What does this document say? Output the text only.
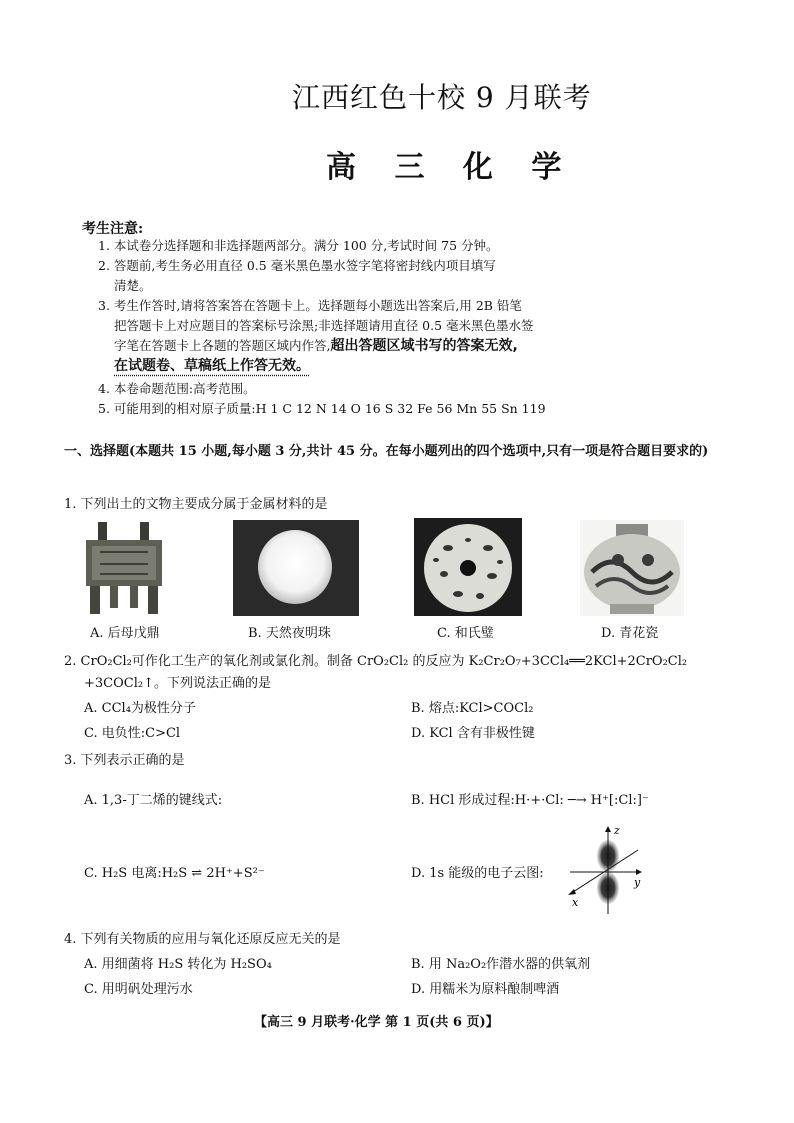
江西红色十校 9 月联考
高 三 化 学
考生注意:
1. 本试卷分选择题和非选择题两部分。满分 100 分,考试时间 75 分钟。
2. 答题前,考生务必用直径 0.5 毫米黑色墨水签字笔将密封线内项目填写
清楚。
3. 考生作答时,请将答案答在答题卡上。选择题每小题选出答案后,用 2B 铅笔
把答题卡上对应题目的答案标号涂黑;非选择题请用直径 0.5 毫米黑色墨水签
字笔在答题卡上各题的答题区域内作答,超出答题区域书写的答案无效,
在试题卷、草稿纸上作答无效。
4. 本卷命题范围:高考范围。
5. 可能用到的相对原子质量:H 1 C 12 N 14 O 16 S 32 Fe 56 Mn 55 Sn 119
一、选择题(本题共 15 小题,每小题 3 分,共计 45 分。在每小题列出的四个选项中,只有一项是符合题目要求的)
1. 下列出土的文物主要成分属于金属材料的是
A. 后母戊鼎	B. 天然夜明珠	C. 和氏璧	D. 青花瓷
2. CrO₂Cl₂可作化工生产的氧化剂或氯化剂。制备 CrO₂Cl₂ 的反应为 K₂Cr₂O₇+3CCl₄══2KCl+2CrO₂Cl₂
+3COCl₂↑。下列说法正确的是
A. CCl₄为极性分子	B. 熔点:KCl>COCl₂
C. 电负性:C>Cl	D. KCl 含有非极性键
3. 下列表示正确的是
A. 1,3-丁二烯的键线式:	B. HCl 形成过程:H·+·Cl: ─→ H⁺[:Cl:]⁻
C. H₂S 电离:H₂S ⇌ 2H⁺+S²⁻	D. 1s 能级的电子云图:
z
y
x
4. 下列有关物质的应用与氧化还原反应无关的是
A. 用细菌将 H₂S 转化为 H₂SO₄	B. 用 Na₂O₂作潜水器的供氧剂
C. 用明矾处理污水	D. 用糯米为原料酿制啤酒
【高三 9 月联考·化学 第 1 页(共 6 页)】
